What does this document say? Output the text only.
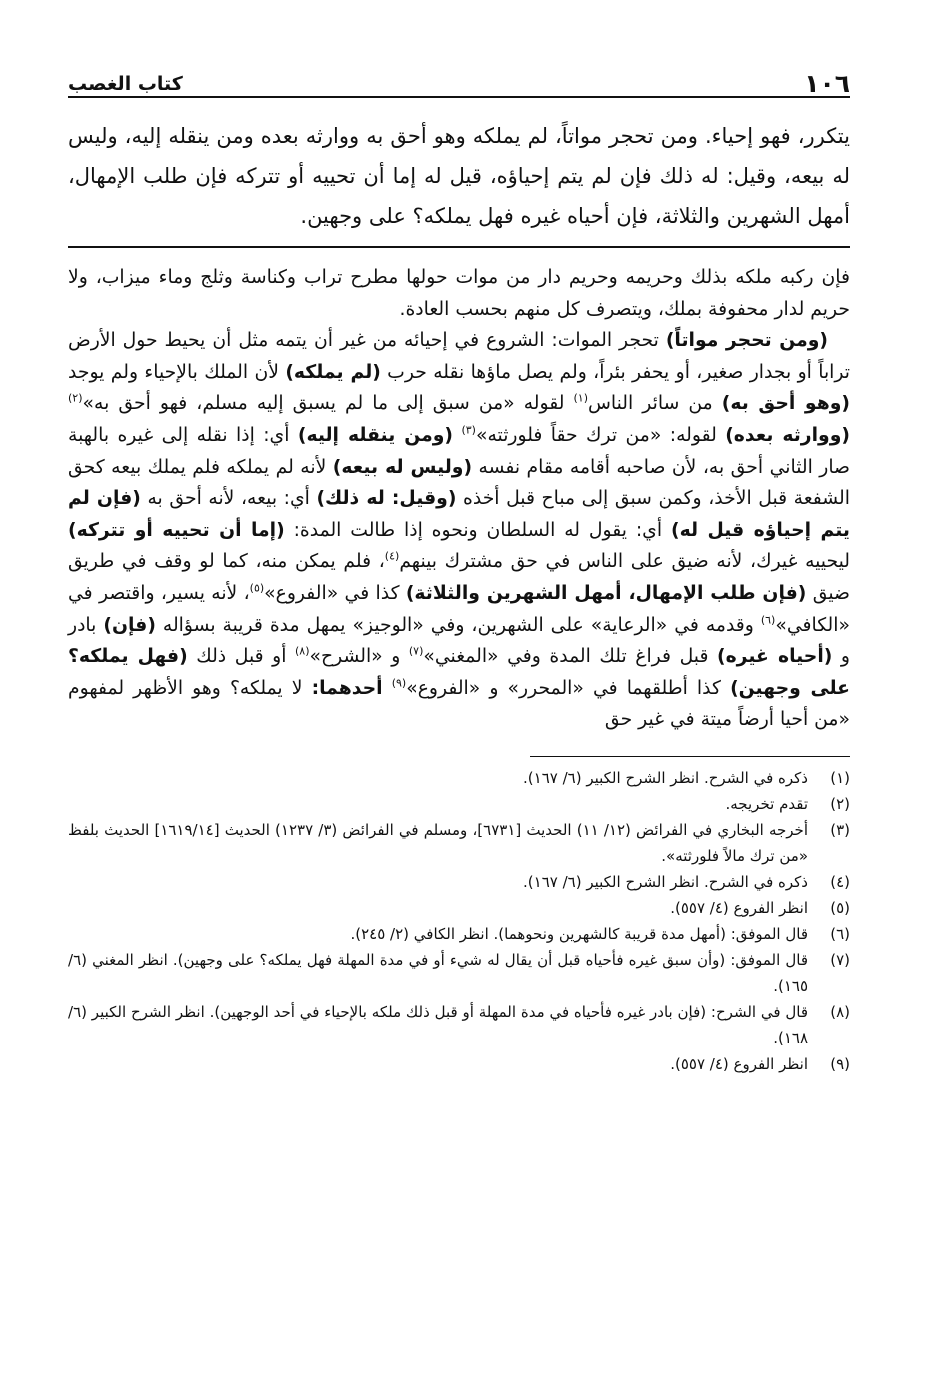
١٠٦
كتاب الغصب
يتكرر، فهو إحياء. ومن تحجر مواتاً، لم يملكه وهو أحق به ووارثه بعده ومن ينقله إليه، وليس له بيعه، وقيل: له ذلك فإن لم يتم إحياؤه، قيل له إما أن تحييه أو تتركه فإن طلب الإمهال، أمهل الشهرين والثلاثة، فإن أحياه غيره فهل يملكه؟ على وجهين.

فإن ركبه ملكه بذلك وحريمه وحريم دار من موات حولها مطرح تراب وكناسة وثلج وماء ميزاب، ولا حريم لدار محفوفة بملك، ويتصرف كل منهم بحسب العادة.

(ومن تحجر مواتاً) تحجر الموات: الشروع في إحيائه من غير أن يتمه مثل أن يحيط حول الأرض تراباً أو بجدار صغير، أو يحفر بئراً، ولم يصل ماؤها نقله حرب (لم يملكه) لأن الملك بالإحياء ولم يوجد (وهو أحق به) من سائر الناس$^{(١)}$ لقوله «من سبق إلى ما لم يسبق إليه مسلم، فهو أحق به»$^{(٢)}$ (ووارثه بعده) لقوله: «من ترك حقاً فلورثته»$^{(٣)}$ (ومن ينقله إليه) أي: إذا نقله إلى غيره بالهبة صار الثاني أحق به، لأن صاحبه أقامه مقام نفسه (وليس له بيعه) لأنه لم يملكه فلم يملك بيعه كحق الشفعة قبل الأخذ، وكمن سبق إلى مباح قبل أخذه (وقيل: له ذلك) أي: بيعه، لأنه أحق به (فإن لم يتم إحياؤه قيل له) أي: يقول له السلطان ونحوه إذا طالت المدة: (إما أن تحييه أو تتركه) ليحييه غيرك، لأنه ضيق على الناس في حق مشترك بينهم$^{(٤)}$، فلم يمكن منه، كما لو وقف في طريق ضيق (فإن طلب الإمهال، أمهل الشهرين والثلاثة) كذا في «الفروع»$^{(٥)}$، لأنه يسير، واقتصر في «الكافي»$^{(٦)}$ وقدمه في «الرعاية» على الشهرين، وفي «الوجيز» يمهل مدة قريبة بسؤاله (فإن) بادر و (أحياه غيره) قبل فراغ تلك المدة وفي «المغني»$^{(٧)}$ و «الشرح»$^{(٨)}$ أو قبل ذلك (فهل يملكه؟ على وجهين) كذا أطلقهما في «المحرر» و «الفروع»$^{(٩)}$ أحدهما: لا يملكه؟ وهو الأظهر لمفهوم «من أحيا أرضاً ميتة في غير حق

(١)
ذكره في الشرح. انظر الشرح الكبير (٦/ ١٦٧).
(٢)
تقدم تخريجه.
(٣)
أخرجه البخاري في الفرائض (١٢/ ١١) الحديث [٦٧٣١]، ومسلم في الفرائض (٣/ ١٢٣٧) الحديث [١٦١٩/١٤] الحديث بلفظ «من ترك مالاً فلورثته».
(٤)
ذكره في الشرح. انظر الشرح الكبير (٦/ ١٦٧).
(٥)
انظر الفروع (٤/ ٥٥٧).
(٦)
قال الموفق: (أمهل مدة قريبة كالشهرين ونحوهما). انظر الكافي (٢/ ٢٤٥).
(٧)
قال الموفق: (وأن سبق غيره فأحياه قبل أن يقال له شيء أو في مدة المهلة فهل يملكه؟ على وجهين). انظر المغني (٦/ ١٦٥).
(٨)
قال في الشرح: (فإن بادر غيره فأحياه في مدة المهلة أو قبل ذلك ملكه بالإحياء في أحد الوجهين). انظر الشرح الكبير (٦/ ١٦٨).
(٩)
انظر الفروع (٤/ ٥٥٧).
